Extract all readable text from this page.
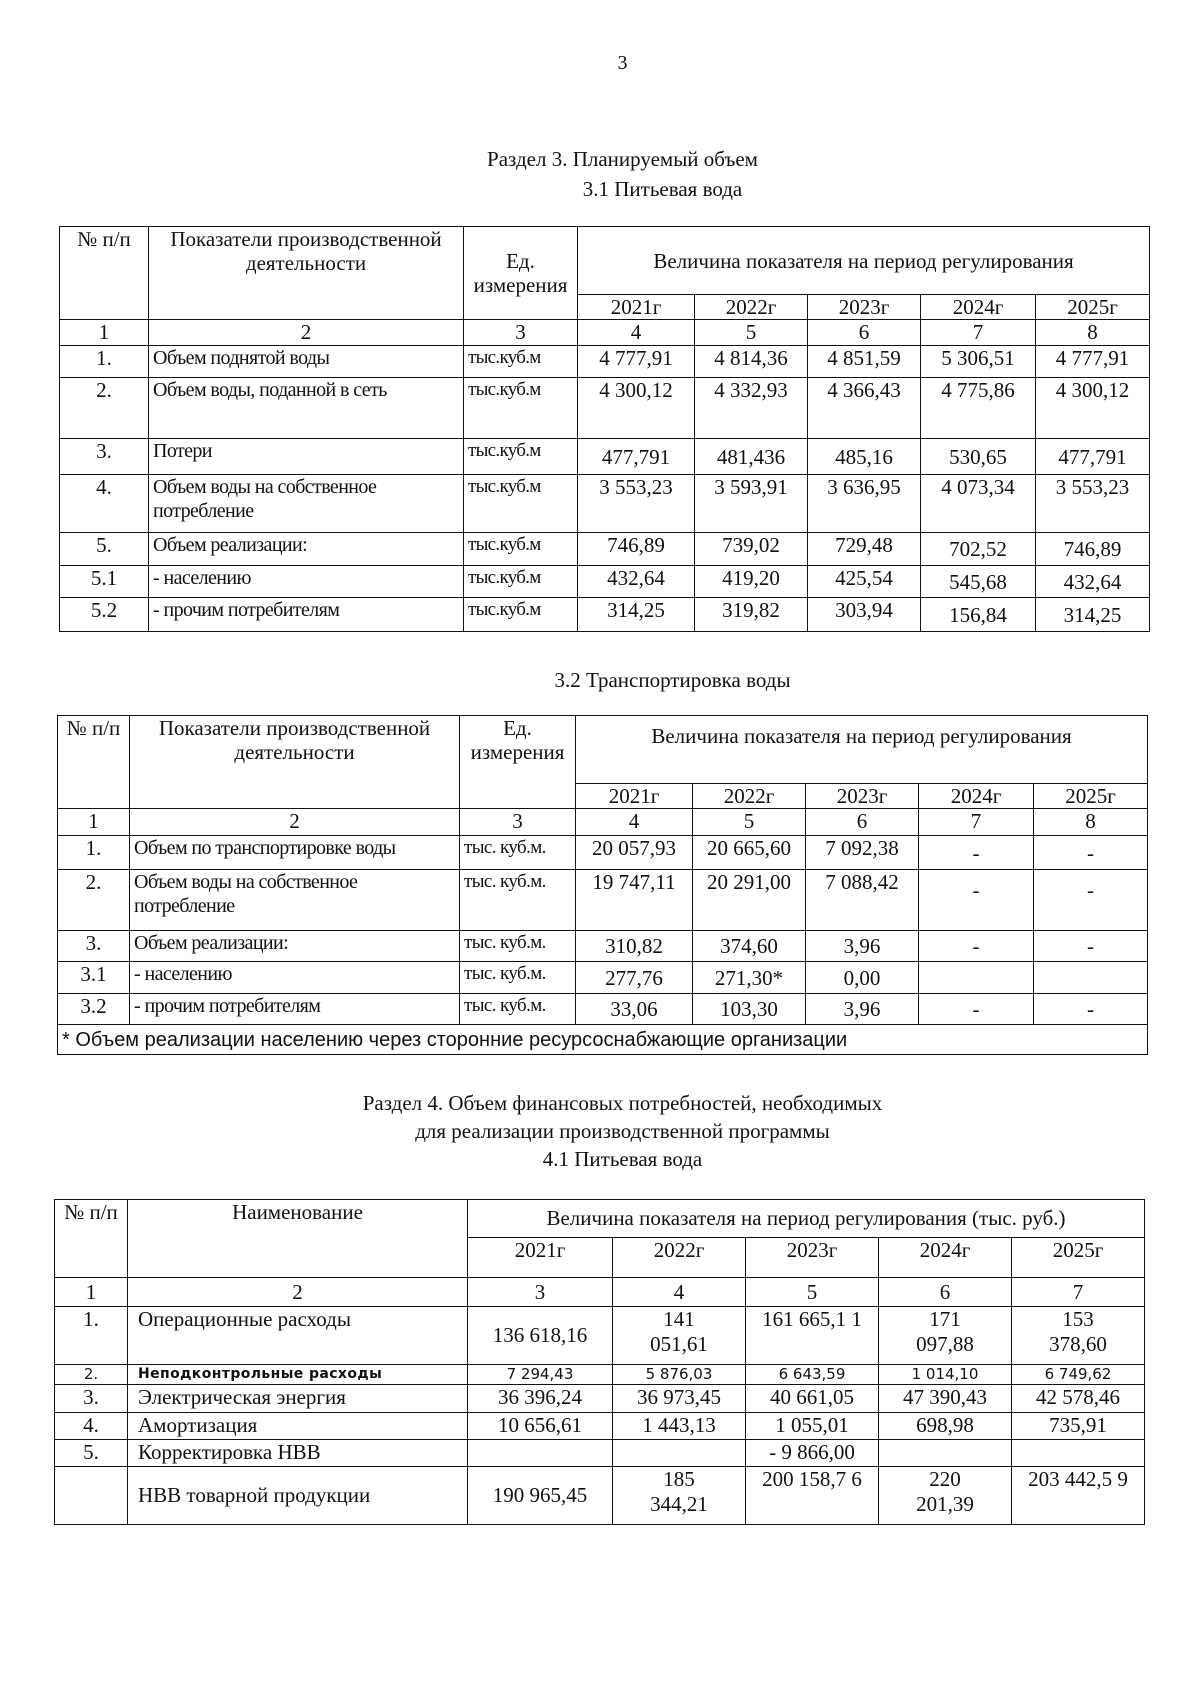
3
Раздел 3. Планируемый объем
3.1 Питьевая вода
№ п/п	Показатели производственной деятельности	Ед. измерения	Величина показателя на период регулирования				
			2021г	2022г	2023г	2024г	2025г
1	2	3	4	5	6	7	8
1.	Объем поднятой воды	тыс.куб.м	4 777,91	4 814,36	4 851,59	5 306,51	4 777,91
2.	Объем воды, поданной в сеть	тыс.куб.м	4 300,12	4 332,93	4 366,43	4 775,86	4 300,12
3.	Потери	тыс.куб.м	477,791	481,436	485,16	530,65	477,791
4.	Объем воды на собственное потребление	тыс.куб.м	3 553,23	3 593,91	3 636,95	4 073,34	3 553,23
5.	Объем реализации:	тыс.куб.м	746,89	739,02	729,48	702,52	746,89
5.1	- населению	тыс.куб.м	432,64	419,20	425,54	545,68	432,64
5.2	- прочим потребителям	тыс.куб.м	314,25	319,82	303,94	156,84	314,25
3.2 Транспортировка воды
№ п/п	Показатели производственной деятельности	Ед. измерения	Величина показателя на период регулирования				
			2021г	2022г	2023г	2024г	2025г
1	2	3	4	5	6	7	8
1.	Объем по транспортировке воды	тыс. куб.м.	20 057,93	20 665,60	7 092,38	-	-
2.	Объем воды на собственное потребление	тыс. куб.м.	19 747,11	20 291,00	7 088,42	-	-
3.	Объем реализации:	тыс. куб.м.	310,82	374,60	3,96	-	-
3.1	- населению	тыс. куб.м.	277,76	271,30*	0,00		
3.2	- прочим потребителям	тыс. куб.м.	33,06	103,30	3,96	-	-
* Объем реализации населению через сторонние ресурсоснабжающие организации							
Раздел 4. Объем финансовых потребностей, необходимых
для реализации производственной программы
4.1 Питьевая вода
№ п/п	Наименование	Величина показателя на период регулирования (тыс. руб.)				
		2021г	2022г	2023г	2024г	2025г
1	2	3	4	5	6	7
1.	Операционные расходы	136 618,16	141 051,61	161 665,1 1	171 097,88	153 378,60
2.	Неподконтрольные расходы	7 294,43	5 876,03	6 643,59	1 014,10	6 749,62
3.	Электрическая энергия	36 396,24	36 973,45	40 661,05	47 390,43	42 578,46
4.	Амортизация	10 656,61	1 443,13	1 055,01	698,98	735,91
5.	Корректировка НВВ			- 9 866,00		
	НВВ товарной продукции	190 965,45	185 344,21	200 158,7 6	220 201,39	203 442,5 9
